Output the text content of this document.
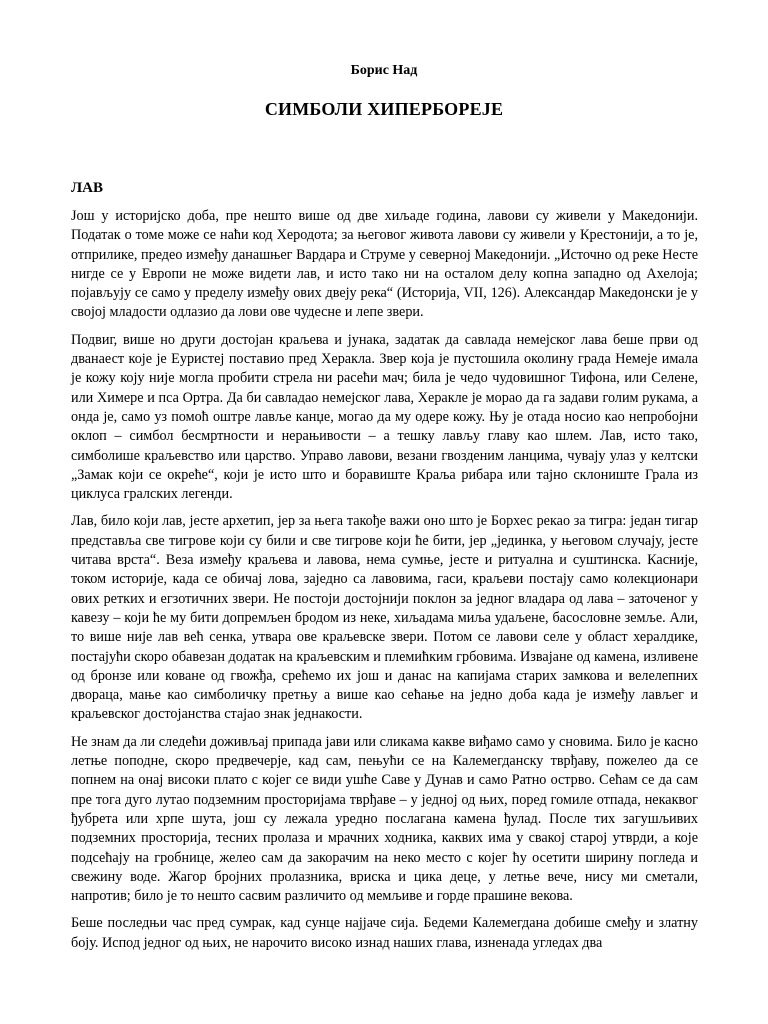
Борис Над
СИМБОЛИ ХИПЕРБОРЕЈЕ
ЛАВ

Још у историјско доба, пре нешто више од две хиљаде година, лавови су живели у Македонији. Податак о томе може се наћи код Херодота; за његовог живота лавови су живели у Крестонији, а то је, отприлике, предео између данашњег Вардара и Струме у северној Македонији. „Источно од реке Несте нигде се у Европи не може видети лав, и исто тако ни на осталом делу копна западно од Ахелоја; појављују се само у пределу између ових двеју река“ (Историја, VII, 126). Александар Македонски је у својој младости одлазио да лови ове чудесне и лепе звери.

Подвиг, више но други достојан краљева и јунака, задатак да савлада немејског лава беше први од дванаест које је Еуристеј поставио пред Херакла. Звер која је пустошила околину града Немеје имала је кожу коју није могла пробити стрела ни расећи мач; била је чедо чудовишног Тифона, или Селене, или Химере и пса Ортра. Да би савладао немејског лава, Херакле је морао да га задави голим рукама, а онда је, само уз помоћ оштре лавље канџе, могао да му одере кожу. Њу је отада носио као непробојни оклоп – симбол бесмртности и нерањивости – а тешку лављу главу као шлем. Лав, исто тако, симболише краљевство или царство. Управо лавови, везани гвозденим ланцима, чувају улаз у келтски „Замак који се окреће“, који је исто што и боравиште Краља рибара или тајно склониште Грала из циклуса гралских легенди.

Лав, било који лав, јесте архетип, јер за њега такође важи оно што је Борхес рекао за тигра: један тигар представља све тигрове који су били и све тигрове који ће бити, јер „јединка, у његовом случају, јесте читава врста“. Веза између краљева и лавова, нема сумње, јесте и ритуална и суштинска. Касније, током историје, када се обичај лова, заједно са лавовима, гаси, краљеви постају само колекционари ових ретких и егзотичних звери. Не постоји достојнији поклон за једног владара од лава – заточеног у кавезу – који ће му бити допремљен бродом из неке, хиљадама миља удаљене, басословне земље. Али, то више није лав већ сенка, утвара ове краљевске звери. Потом се лавови селе у област хералдике, постајући скоро обавезан додатак на краљевским и племићким грбовима. Извајане од камена, изливене од бронзе или коване од гвожђа, срећемо их још и данас на капијама старих замкова и велелепних двораца, мање као симболичку претњу а више као сећање на једно доба када је између лављег и краљевског достојанства стајао знак једнакости.

Не знам да ли следећи доживљај припада јави или сликама какве виђамо само у сновима. Било је касно летње поподне, скоро предвечерје, кад сам, пењући се на Калемегданску тврђаву, пожелео да се попнем на онај високи плато с којег се види ушће Саве у Дунав и само Ратно острво. Сећам се да сам пре тога дуго лутао подземним просторијама тврђаве – у једној од њих, поред гомиле отпада, некаквог ђубрета или хрпе шута, још су лежала уредно послагана камена ђулад. После тих загушљивих подземних просторија, тесних пролаза и мрачних ходника, каквих има у свакој старој утврди, а које подсећају на гробнице, желео сам да закорачим на неко место с којег ћу осетити ширину погледа и свежину воде. Жагор бројних пролазника, вриска и цика деце, у летње вече, нису ми сметали, напротив; било је то нешто сасвим различито од мемљиве и горде прашине векова.

Беше последњи час пред сумрак, кад сунце најјаче сија. Бедеми Калемегдана добише смеђу и златну боју. Испод једног од њих, не нарочито високо изнад наших глава, изненада угледах два
